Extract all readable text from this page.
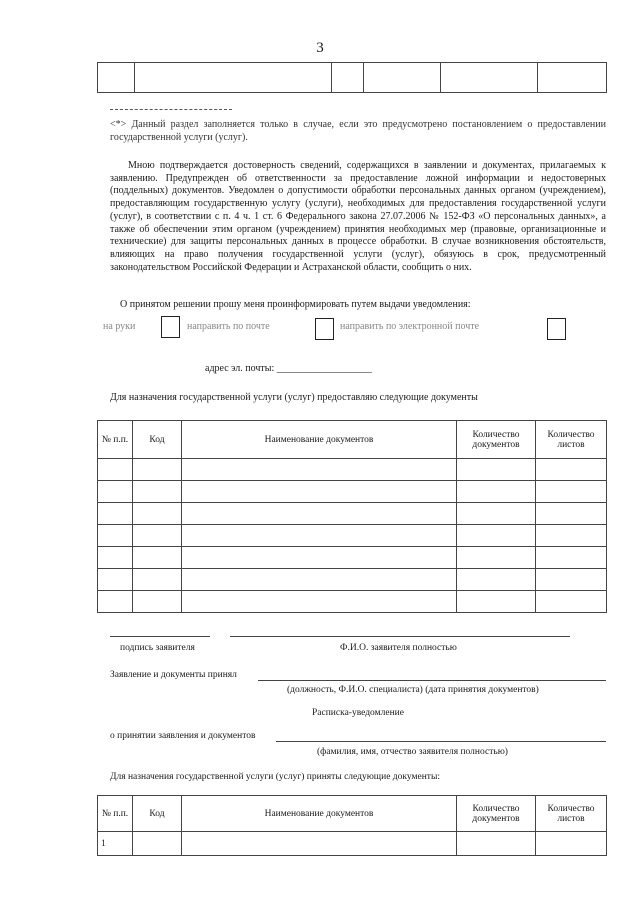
3

<*> Данный раздел заполняется только в случае, если это предусмотрено постановлением о предоставлении государственной услуги (услуг).

Мною подтверждается достоверность сведений, содержащихся в заявлении и документах, прилагаемых к заявлению. Предупрежден об ответственности за предоставление ложной информации и недостоверных (поддельных) документов. Уведомлен о допустимости обработки персональных данных органом (учреждением), предоставляющим государственную услугу (услуги), необходимых для предоставления государственной услуги (услуг), в соответствии с п. 4 ч. 1 ст. 6 Федерального закона 27.07.2006 № 152-ФЗ «О персональных данных», а также об обеспечении этим органом (учреждением) принятия необходимых мер (правовые, организационные и технические) для защиты персональных данных в процессе обработки. В случае возникновения обстоятельств, влияющих на право получения государственной услуги (услуг), обязуюсь в срок, предусмотренный законодательством Российской Федерации и Астраханской области, сообщить о них.

О принятом решении прошу меня проинформировать путем выдачи уведомления:
на руки	направить по почте	направить по электронной почте
адрес эл. почты: ___________________
Для назначения государственной услуги (услуг) предоставляю следующие документы
№ п.п.	Код	Наименование документов	Количество документов	Количество листов

подпись заявителя	Ф.И.О. заявителя полностью
Заявление и документы принял
(должность, Ф.И.О. специалиста) (дата принятия документов)
Расписка-уведомление
о принятии заявления и документов
(фамилия, имя, отчество заявителя полностью)
Для назначения государственной услуги (услуг) приняты следующие документы:
№ п.п.	Код	Наименование документов	Количество документов	Количество листов
1				
